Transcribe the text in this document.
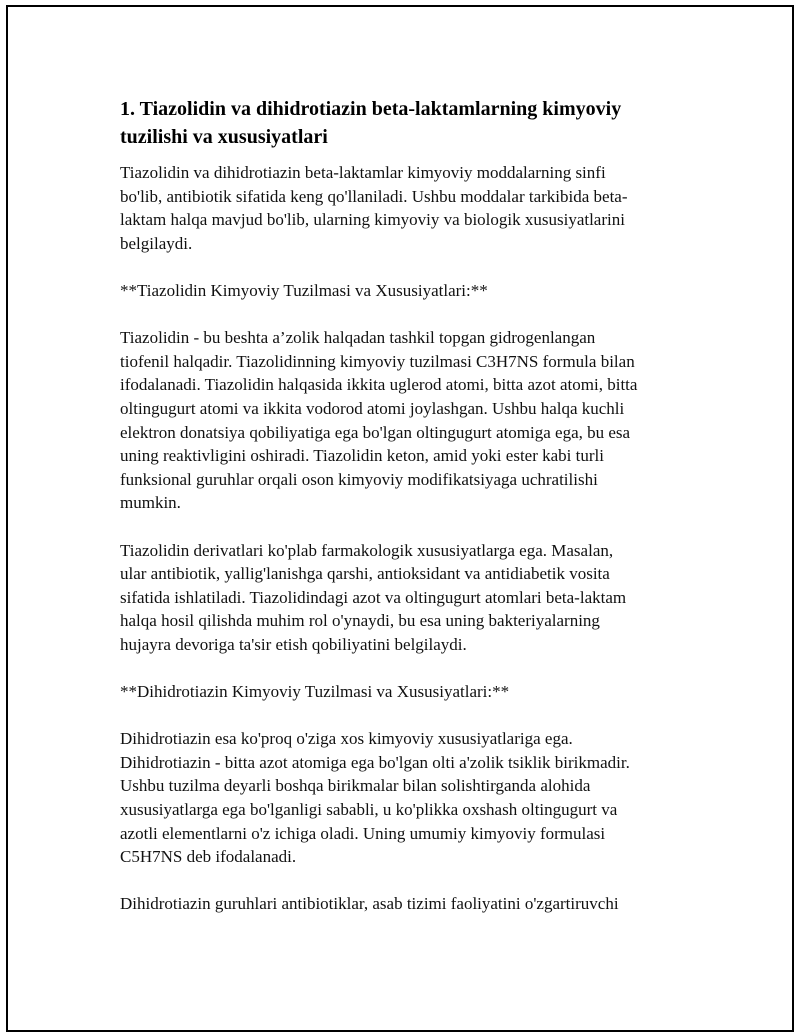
1. Tiazolidin va dihidrotiazin beta-laktamlarning kimyoviy
tuzilishi va xususiyatlari

Tiazolidin va dihidrotiazin beta-laktamlar kimyoviy moddalarning sinfi
bo'lib, antibiotik sifatida keng qo'llaniladi. Ushbu moddalar tarkibida beta-
laktam halqa mavjud bo'lib, ularning kimyoviy va biologik xususiyatlarini
belgilaydi.

**Tiazolidin Kimyoviy Tuzilmasi va Xususiyatlari:**

Tiazolidin - bu beshta a’zolik halqadan tashkil topgan gidrogenlangan
tiofenil halqadir. Tiazolidinning kimyoviy tuzilmasi C3H7NS formula bilan
ifodalanadi. Tiazolidin halqasida ikkita uglerod atomi, bitta azot atomi, bitta
oltingugurt atomi va ikkita vodorod atomi joylashgan. Ushbu halqa kuchli
elektron donatsiya qobiliyatiga ega bo'lgan oltingugurt atomiga ega, bu esa
uning reaktivligini oshiradi. Tiazolidin keton, amid yoki ester kabi turli
funksional guruhlar orqali oson kimyoviy modifikatsiyaga uchratilishi
mumkin.

Tiazolidin derivatlari ko'plab farmakologik xususiyatlarga ega. Masalan,
ular antibiotik, yallig'lanishga qarshi, antioksidant va antidiabetik vosita
sifatida ishlatiladi. Tiazolidindagi azot va oltingugurt atomlari beta-laktam
halqa hosil qilishda muhim rol o'ynaydi, bu esa uning bakteriyalarning
hujayra devoriga ta'sir etish qobiliyatini belgilaydi.

**Dihidrotiazin Kimyoviy Tuzilmasi va Xususiyatlari:**

Dihidrotiazin esa ko'proq o'ziga xos kimyoviy xususiyatlariga ega.
Dihidrotiazin - bitta azot atomiga ega bo'lgan olti a'zolik tsiklik birikmadir.
Ushbu tuzilma deyarli boshqa birikmalar bilan solishtirganda alohida
xususiyatlarga ega bo'lganligi sababli, u ko'plikka oxshash oltingugurt va
azotli elementlarni o'z ichiga oladi. Uning umumiy kimyoviy formulasi
C5H7NS deb ifodalanadi.

Dihidrotiazin guruhlari antibiotiklar, asab tizimi faoliyatini o'zgartiruvchi
